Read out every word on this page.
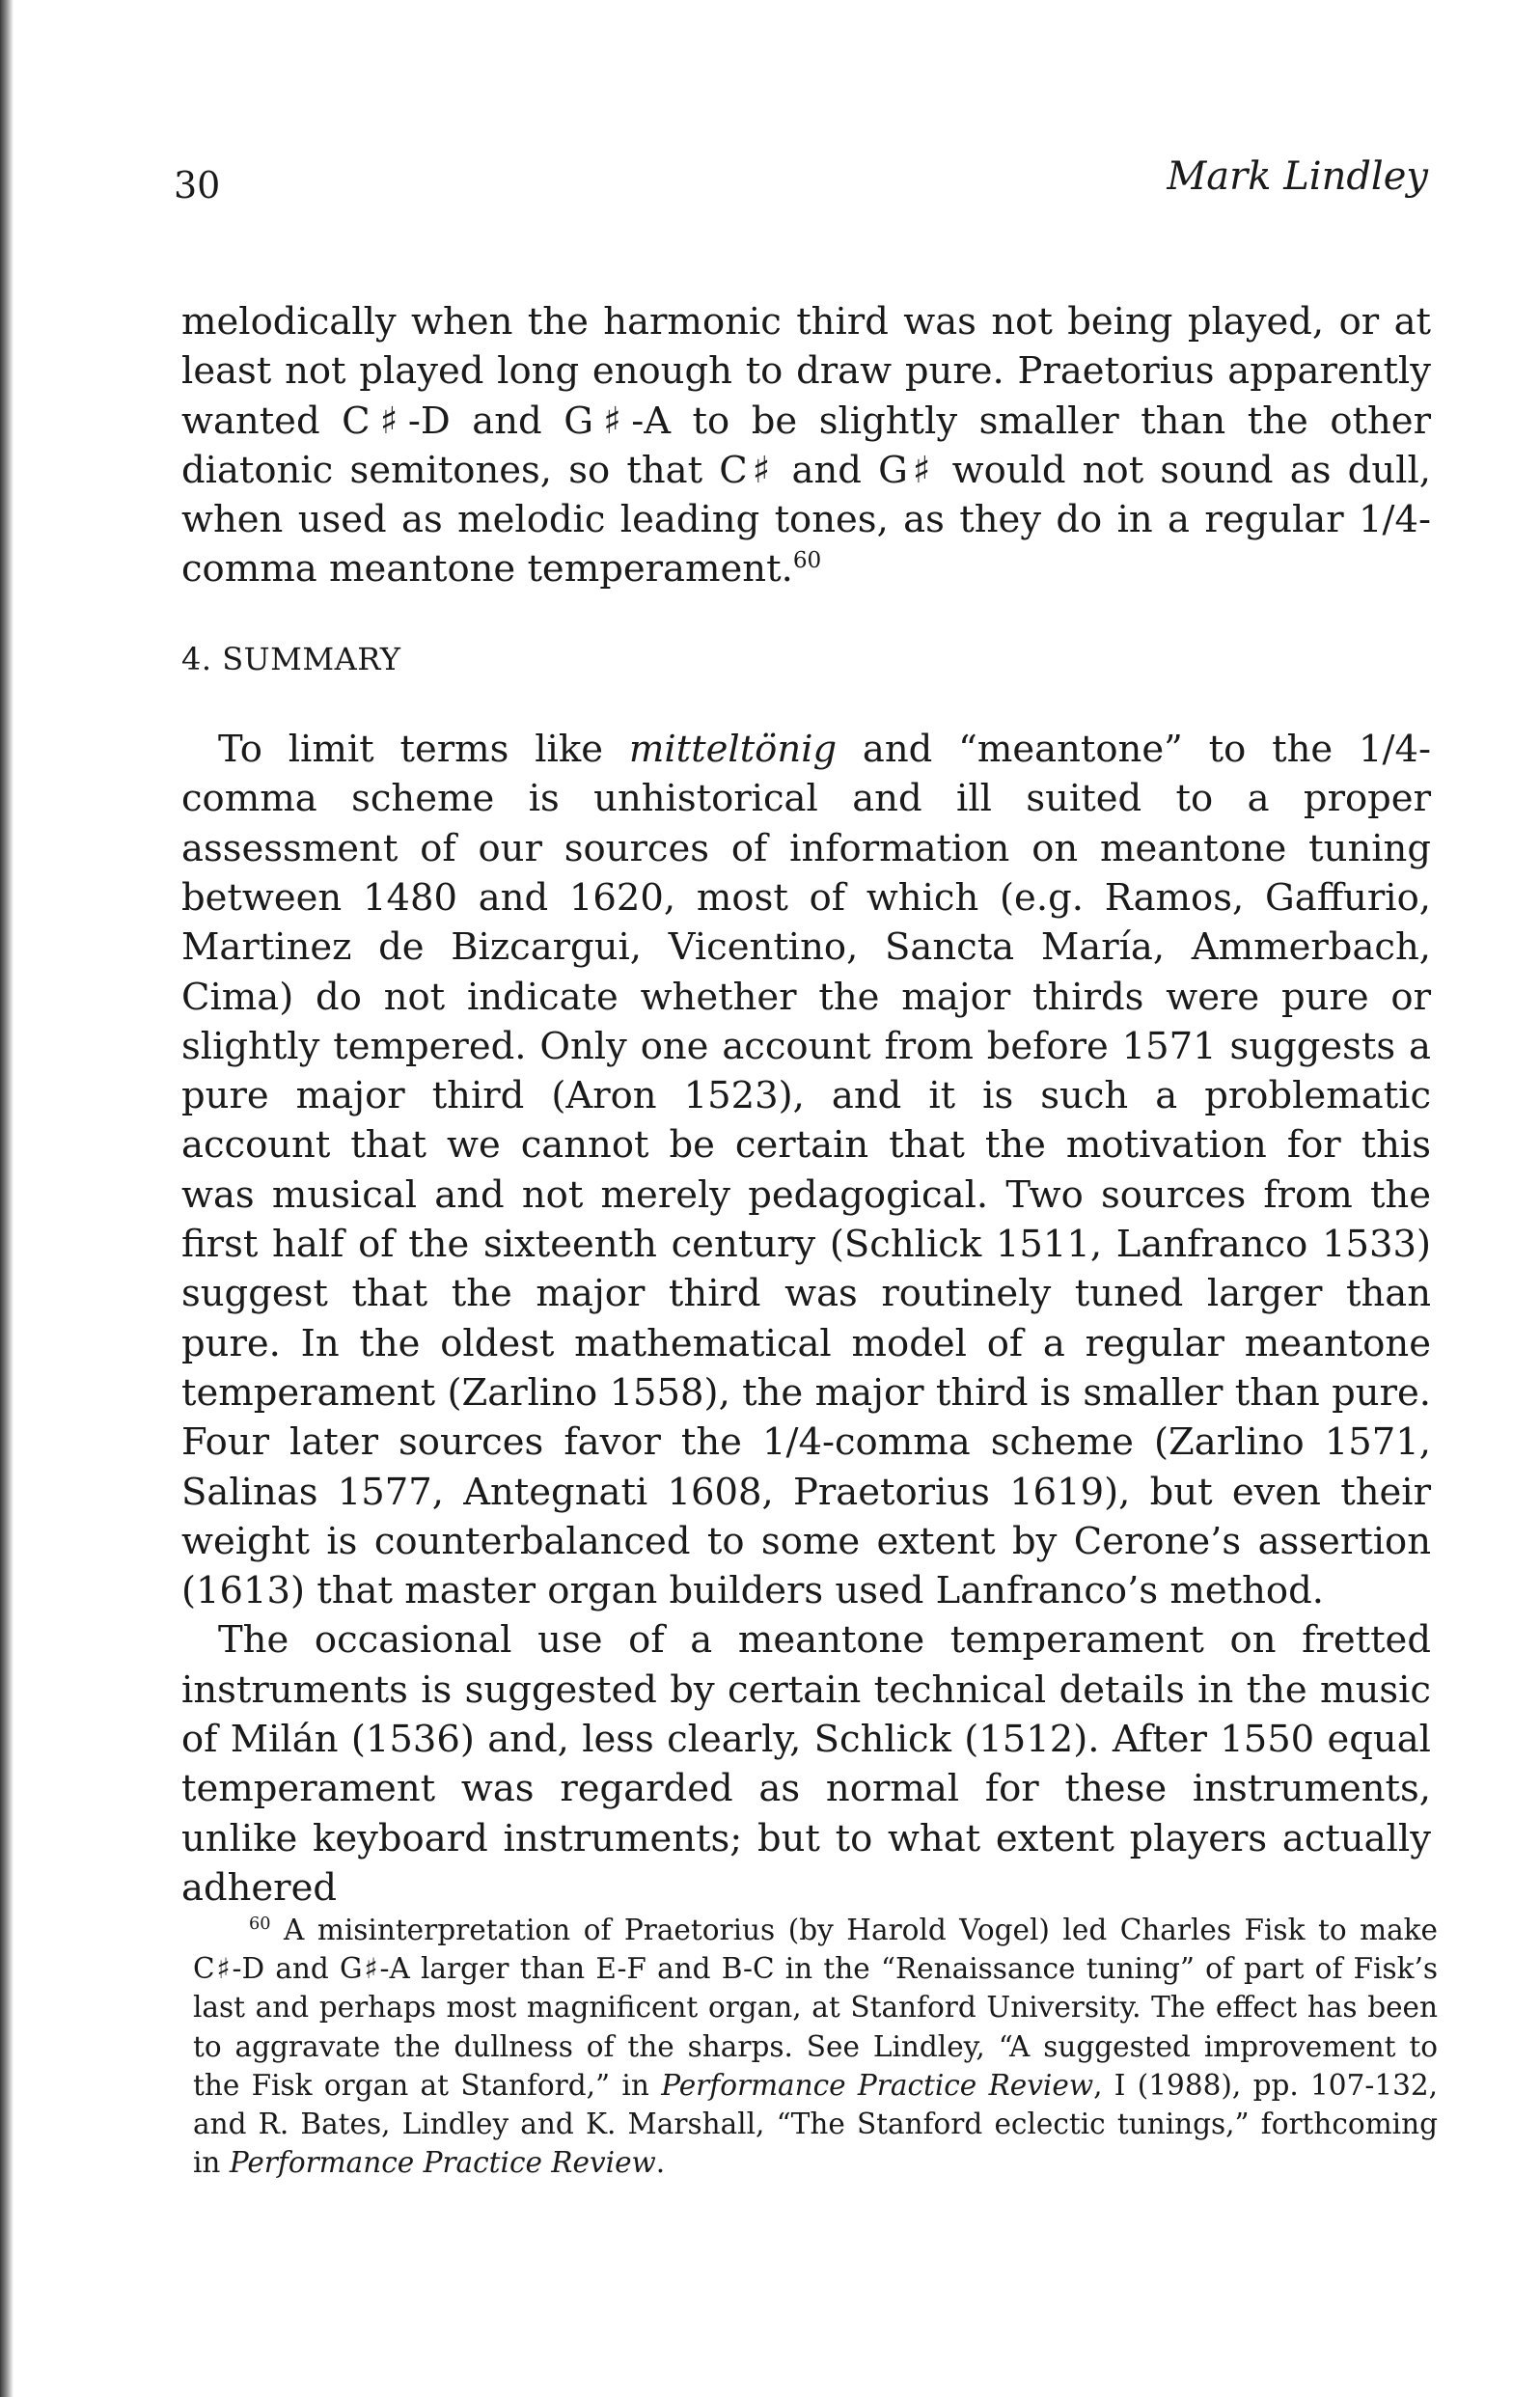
30	Mark Lindley

melodically when the harmonic third was not being played, or at least not played long enough to draw pure. Praetorius apparently wanted C♯-D and G♯-A to be slightly smaller than the other diatonic semitones, so that C♯ and G♯ would not sound as dull, when used as melodic leading tones, as they do in a regular 1/4-comma meantone temperament.$^{60}$

4. SUMMARY

To limit terms like mitteltönig and “meantone” to the 1/4-comma scheme is unhistorical and ill suited to a proper assessment of our sources of information on meantone tuning between 1480 and 1620, most of which (e.g. Ramos, Gaffurio, Martinez de Bizcargui, Vicentino, Sancta María, Ammerbach, Cima) do not indicate whether the major thirds were pure or slightly tempered. Only one account from before 1571 suggests a pure major third (Aron 1523), and it is such a problematic account that we cannot be certain that the motivation for this was musical and not merely pedagogical. Two sources from the first half of the sixteenth century (Schlick 1511, Lanfranco 1533) suggest that the major third was routinely tuned larger than pure. In the oldest mathematical model of a regular meantone temperament (Zarlino 1558), the major third is smaller than pure. Four later sources favor the 1/4-comma scheme (Zarlino 1571, Salinas 1577, Antegnati 1608, Praetorius 1619), but even their weight is counterbalanced to some extent by Cerone’s assertion (1613) that master organ builders used Lanfranco’s method.

The occasional use of a meantone temperament on fretted instruments is suggested by certain technical details in the music of Milán (1536) and, less clearly, Schlick (1512). After 1550 equal temperament was regarded as normal for these instruments, unlike keyboard instruments; but to what extent players actually adhered

$^{60}$ A misinterpretation of Praetorius (by Harold Vogel) led Charles Fisk to make C♯-D and G♯-A larger than E-F and B-C in the “Renaissance tuning” of part of Fisk’s last and perhaps most magnificent organ, at Stanford University. The effect has been to aggravate the dullness of the sharps. See Lindley, “A suggested improvement to the Fisk organ at Stanford,” in Performance Practice Review, I (1988), pp. 107-132, and R. Bates, Lindley and K. Marshall, “The Stanford eclectic tunings,” forthcoming in Performance Practice Review.
